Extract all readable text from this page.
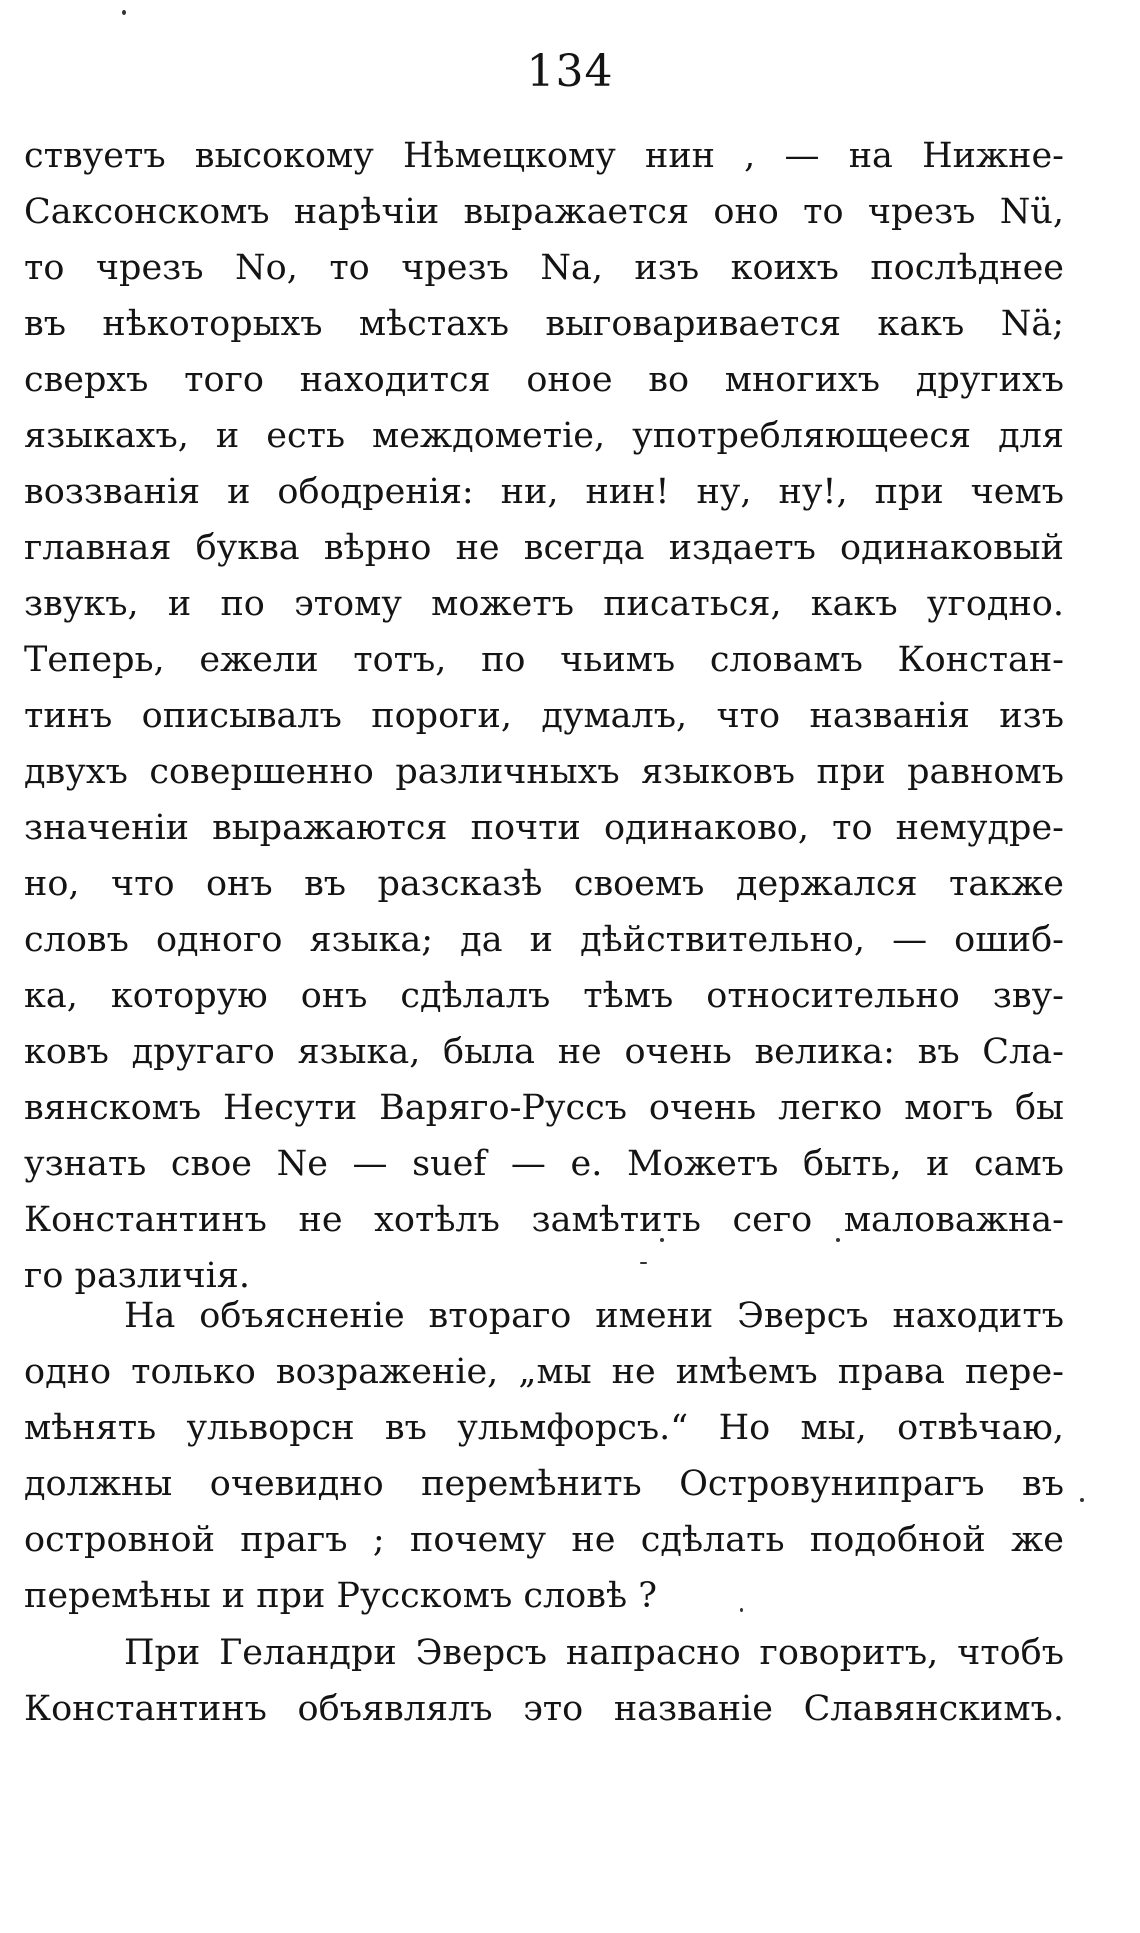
134
ствуетъ высокому Нѣмецкому нин , — на Нижне-
Саксонскомъ нарѣчіи выражается оно то чрезъ Nü,
то чрезъ No, то чрезъ Na, изъ коихъ послѣднее
въ нѣкоторыхъ мѣстахъ выговаривается какъ Nä;
сверхъ того находится оное во многихъ другихъ
языкахъ, и есть междометіе, употребляющееся для
воззванія и ободренія: ни, нин! ну, ну!, при чемъ
главная буква вѣрно не всегда издаетъ одинаковый
звукъ, и по этому можетъ писаться, какъ угодно.
Теперь, ежели тотъ, по чьимъ словамъ Констан-
тинъ описывалъ пороги, думалъ, что названія изъ
двухъ совершенно различныхъ языковъ при равномъ
значеніи выражаются почти одинаково, то немудре-
но, что онъ въ разсказѣ своемъ держался также
словъ одного языка; да и дѣйствительно, — ошиб-
ка, которую онъ сдѣлалъ тѣмъ относительно зву-
ковъ другаго языка, была не очень велика: въ Сла-
вянскомъ Несути Варяго-Руссъ очень легко могъ бы
узнать свое Ne — suef — е. Можетъ быть, и самъ
Константинъ не хотѣлъ замѣтить сего маловажна-
го различія.
На объясненіе втораго имени Эверсъ находитъ
одно только возраженіе, „мы не имѣемъ права пере-
мѣнять ульворсн въ ульмфорсъ.“ Но мы, отвѣчаю,
должны очевидно перемѣнить Островунипрагъ въ
островной прагъ ; почему не сдѣлать подобной же
перемѣны и при Русскомъ словѣ ?
При Геландри Эверсъ напрасно говоритъ, чтобъ
Константинъ объявлялъ это названіе Славянскимъ.
